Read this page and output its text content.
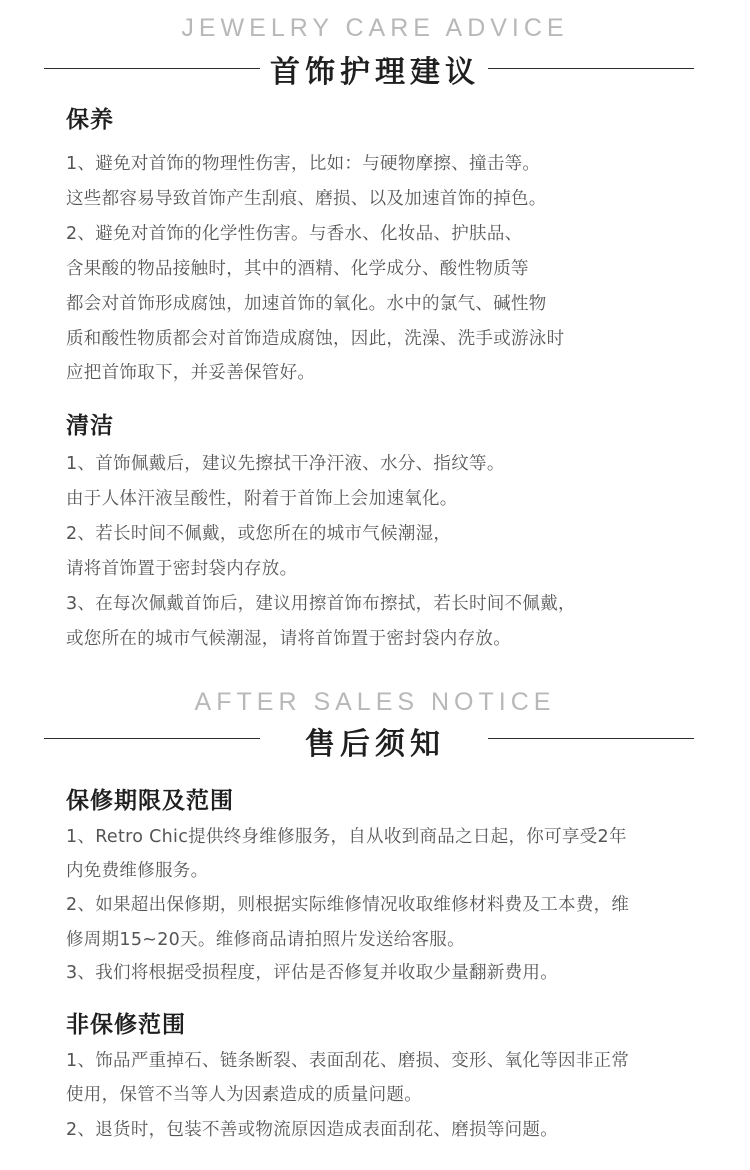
JEWELRY CARE ADVICE
首饰护理建议
保养
1、避免对首饰的物理性伤害，比如：与硬物摩擦、撞击等。
这些都容易导致首饰产生刮痕、磨损、以及加速首饰的掉色。
2、避免对首饰的化学性伤害。与香水、化妆品、护肤品、
含果酸的物品接触时，其中的酒精、化学成分、酸性物质等
都会对首饰形成腐蚀，加速首饰的氧化。水中的氯气、碱性物
质和酸性物质都会对首饰造成腐蚀，因此，洗澡、洗手或游泳时
应把首饰取下，并妥善保管好。
清洁
1、首饰佩戴后，建议先擦拭干净汗液、水分、指纹等。
由于人体汗液呈酸性，附着于首饰上会加速氧化。
2、若长时间不佩戴，或您所在的城市气候潮湿，
请将首饰置于密封袋内存放。
3、在每次佩戴首饰后，建议用擦首饰布擦拭，若长时间不佩戴，
或您所在的城市气候潮湿，请将首饰置于密封袋内存放。
AFTER SALES NOTICE
售后须知
保修期限及范围
1、Retro Chic提供终身维修服务，自从收到商品之日起，你可享受2年
内免费维修服务。
2、如果超出保修期，则根据实际维修情况收取维修材料费及工本费，维
修周期15~20天。维修商品请拍照片发送给客服。
3、我们将根据受损程度，评估是否修复并收取少量翻新费用。
非保修范围
1、饰品严重掉石、链条断裂、表面刮花、磨损、变形、氧化等因非正常
使用，保管不当等人为因素造成的质量问题。
2、退货时，包装不善或物流原因造成表面刮花、磨损等问题。
